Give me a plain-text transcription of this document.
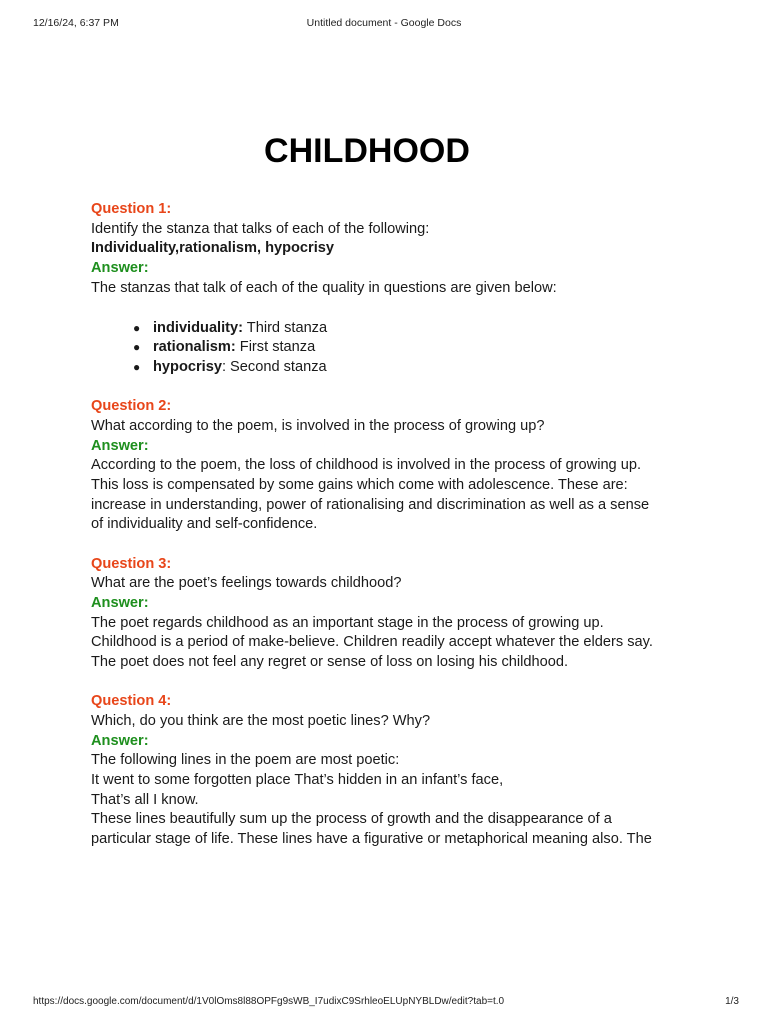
12/16/24, 6:37 PM	Untitled document - Google Docs
CHILDHOOD
Question 1:
Identify the stanza that talks of each of the following:
Individuality,rationalism, hypocrisy
Answer:
The stanzas that talk of each of the quality in questions are given below:
● individuality: Third stanza
● rationalism: First stanza
● hypocrisy: Second stanza
Question 2:
What according to the poem, is involved in the process of growing up?
Answer:
According to the poem, the loss of childhood is involved in the process of growing up.
This loss is compensated by some gains which come with adolescence. These are:
increase in understanding, power of rationalising and discrimination as well as a sense
of individuality and self-confidence.
Question 3:
What are the poet’s feelings towards childhood?
Answer:
The poet regards childhood as an important stage in the process of growing up.
Childhood is a period of make-believe. Children readily accept whatever the elders say.
The poet does not feel any regret or sense of loss on losing his childhood.
Question 4:
Which, do you think are the most poetic lines? Why?
Answer:
The following lines in the poem are most poetic:
It went to some forgotten place That’s hidden in an infant’s face,
That’s all I know.
These lines beautifully sum up the process of growth and the disappearance of a
particular stage of life. These lines have a figurative or metaphorical meaning also. The
https://docs.google.com/document/d/1V0lOms8l88OPFg9sWB_I7udixC9SrhleoELUpNYBLDw/edit?tab=t.0	1/3
